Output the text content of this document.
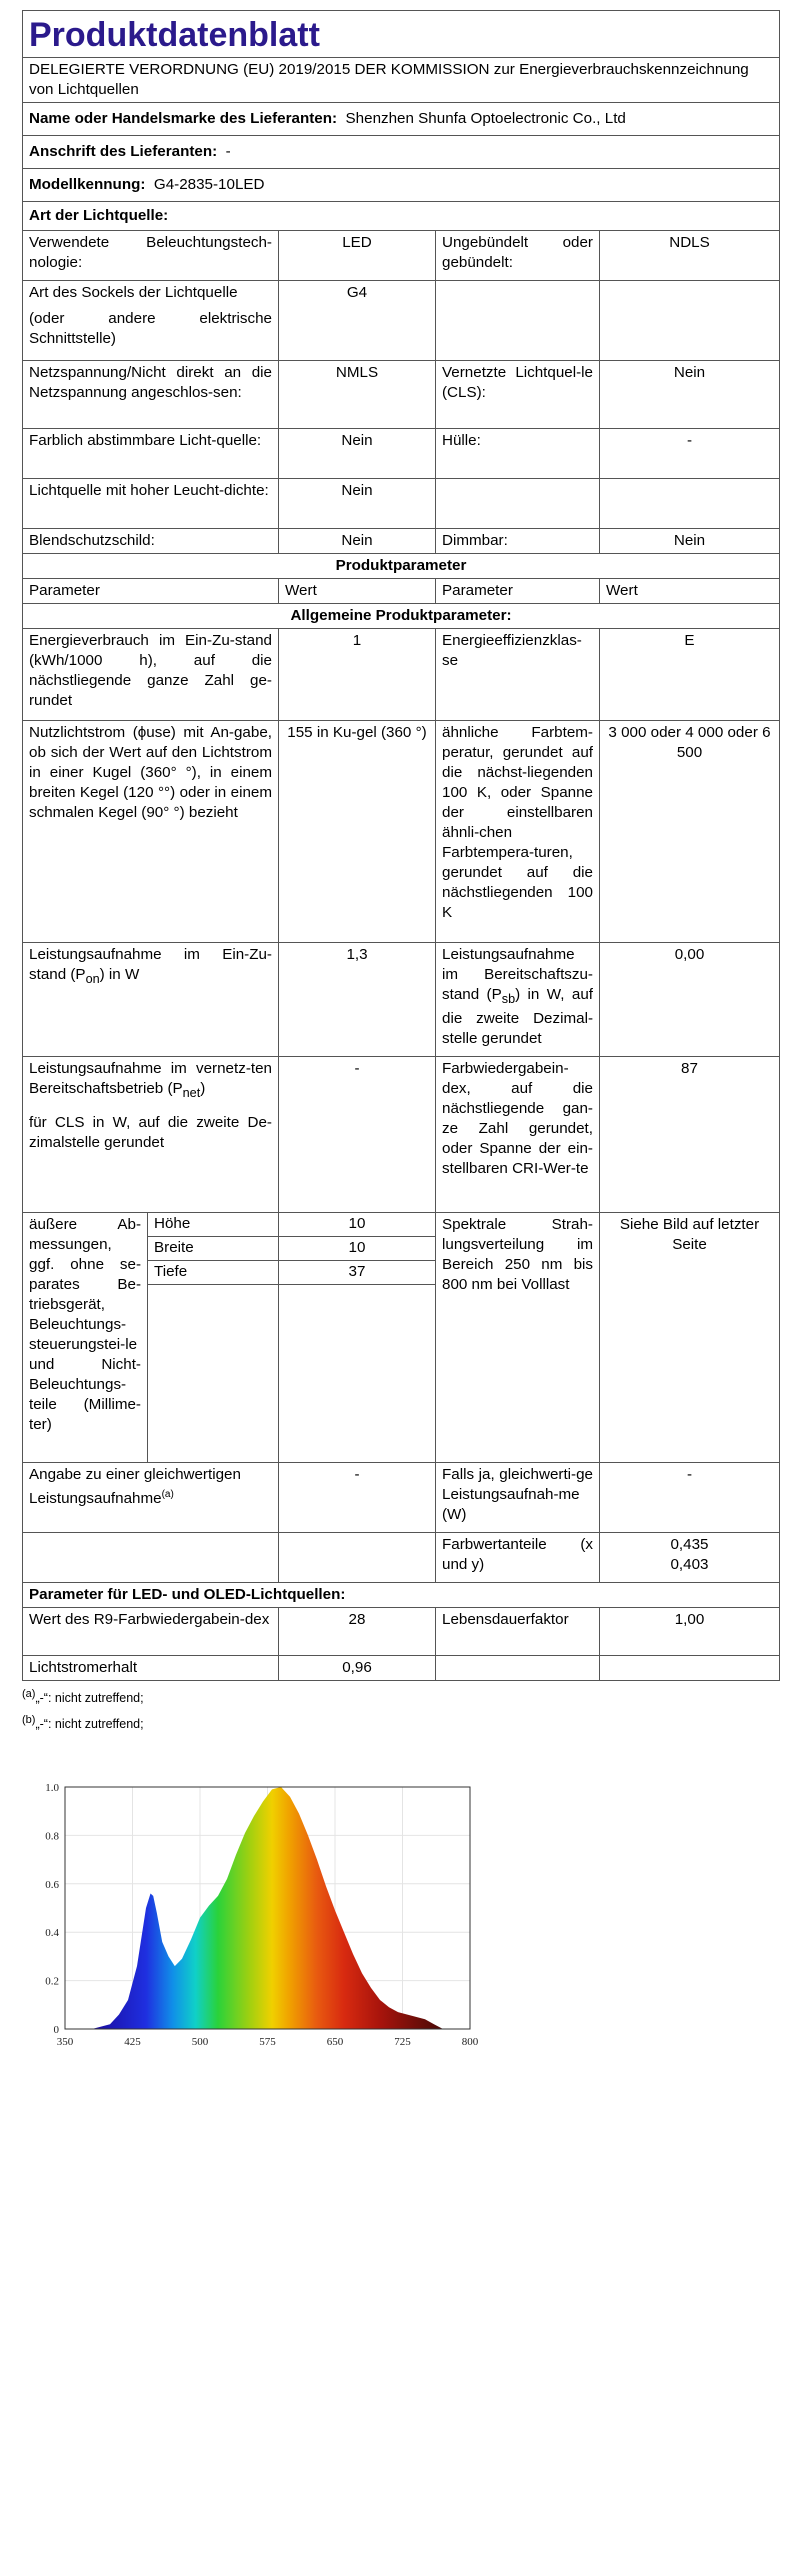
Produktdatenblatt				
DELEGIERTE VERORDNUNG (EU) 2019/2015 DER KOMMISSION zur Energieverbrauchskennzeichnung von Lichtquellen				
Name oder Handelsmarke des Lieferanten: Shenzhen Shunfa Optoelectronic Co., Ltd				
Anschrift des Lieferanten: -				
Modellkennung: G4-2835-10LED				
Art der Lichtquelle:				
Verwendete Beleuchtungstech-nologie:		LED	Ungebündelt oder gebündelt:	NDLS

Art des Sockels der Lichtquelle
(oder andere elektrische Schnittstelle)		G4		
Netzspannung/Nicht direkt an die Netzspannung angeschlos-sen:		NMLS	Vernetzte Lichtquel-le (CLS):	Nein
Farblich abstimmbare Licht-quelle:		Nein	Hülle:	-
Lichtquelle mit hoher Leucht-dichte:		Nein		
Blendschutzschild:		Nein	Dimmbar:	Nein
Produktparameter				
Parameter		Wert	Parameter	Wert
Allgemeine Produktparameter:				
Energieverbrauch im Ein-Zu-stand (kWh/1000 h), auf die nächstliegende ganze Zahl ge-rundet		1	Energieeffizienzklas-se	E
Nutzlichtstrom (ϕuse) mit An-gabe, ob sich der Wert auf den Lichtstrom in einer Kugel (360° °), in einem breiten Kegel (120 °°) oder in einem schmalen Kegel (90° °) bezieht		155 in Ku-gel (360 °)	ähnliche Farbtem-peratur, gerundet auf die nächst-liegenden 100 K, oder Spanne der einstellbaren ähnli-chen Farbtempera-turen, gerundet auf die nächstliegenden 100 K	3 000 oder 4 000 oder 6 500
Leistungsaufnahme im Ein-Zu-stand $(P_{on})$ in W		1,3	Leistungsaufnahme im Bereitschaftszu-stand $(P_{sb})$ in W, auf die zweite Dezimal-stelle gerundet	0,00

Leistungsaufnahme im vernetz-ten Bereitschaftsbetrieb $(P_{net})$
für CLS in W, auf die zweite De-zimalstelle gerundet		-	Farbwiedergabein-dex, auf die nächstliegende gan-ze Zahl gerundet, oder Spanne der ein-stellbaren CRI-Wer-te	87
äußere Ab-messungen, ggf. ohne se-parates Be-triebsgerät, Beleuchtungs-steuerungstei-le und Nicht-Beleuchtungs-teile (Millime-ter)	Höhe	10	Spektrale Strah-lungsverteilung im Bereich 250 nm bis 800 nm bei Volllast	Siehe Bild auf letzter Seite
	Breite	10		
	Tiefe	37		

Angabe zu einer gleichwertigen Leistungsaufnahme$^{(a)}$		-	Falls ja, gleichwerti-ge Leistungsaufnah-me (W)	-
			Farbwertanteile (x und y)	0,435
0,403

Parameter für LED- und OLED-Lichtquellen:				
Wert des R9-Farbwiedergabein-dex		28	Lebensdauerfaktor	1,00
Lichtstromerhalt		0,96		

$^{(a)}$„-“: nicht zutreffend;

$^{(b)}$„-“: nicht zutreffend;

0
0.2
0.4
0.6
0.8
1.0
350	425	500	575	650	725	800
